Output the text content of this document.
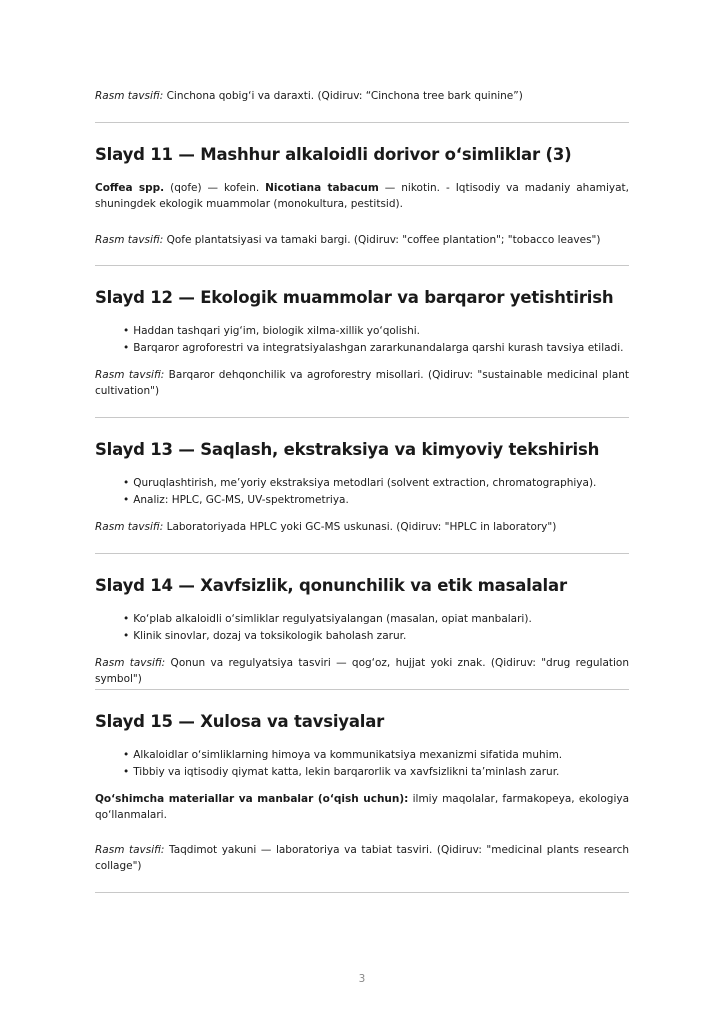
Rasm tavsifi: Cinchona qobig‘i va daraxti. (Qidiruv: “Cinchona tree bark quinine”)

Slayd 11 — Mashhur alkaloidli dorivor o‘simliklar (3)

Coffea spp. (qofe) — kofein. Nicotiana tabacum — nikotin. - Iqtisodiy va madaniy ahamiyat, shuningdek ekologik muammolar (monokultura, pestitsid).

Rasm tavsifi: Qofe plantatsiyasi va tamaki bargi. (Qidiruv: "coffee plantation"; "tobacco leaves")

Slayd 12 — Ekologik muammolar va barqaror yetishtirish
• Haddan tashqari yig‘im, biologik xilma-xillik yo‘qolishi.
• Barqaror agroforestri va integratsiyalashgan zararkunandalarga qarshi kurash tavsiya etiladi.

Rasm tavsifi: Barqaror dehqonchilik va agroforestry misollari. (Qidiruv: "sustainable medicinal plant cultivation")

Slayd 13 — Saqlash, ekstraksiya va kimyoviy tekshirish
• Quruqlashtirish, me’yoriy ekstraksiya metodlari (solvent extraction, chromatographiya).
• Analiz: HPLC, GC-MS, UV-spektrometriya.

Rasm tavsifi: Laboratoriyada HPLC yoki GC-MS uskunasi. (Qidiruv: "HPLC in laboratory")

Slayd 14 — Xavfsizlik, qonunchilik va etik masalalar
• Ko‘plab alkaloidli o‘simliklar regulyatsiyalangan (masalan, opiat manbalari).
• Klinik sinovlar, dozaj va toksikologik baholash zarur.

Rasm tavsifi: Qonun va regulyatsiya tasviri — qog‘oz, hujjat yoki znak. (Qidiruv: "drug regulation symbol")

Slayd 15 — Xulosa va tavsiyalar
• Alkaloidlar o‘simliklarning himoya va kommunikatsiya mexanizmi sifatida muhim.
• Tibbiy va iqtisodiy qiymat katta, lekin barqarorlik va xavfsizlikni ta’minlash zarur.

Qo‘shimcha materiallar va manbalar (o‘qish uchun): ilmiy maqolalar, farmakopeya, ekologiya qo‘llanmalari.

Rasm tavsifi: Taqdimot yakuni — laboratoriya va tabiat tasviri. (Qidiruv: "medicinal plants research collage")

3
